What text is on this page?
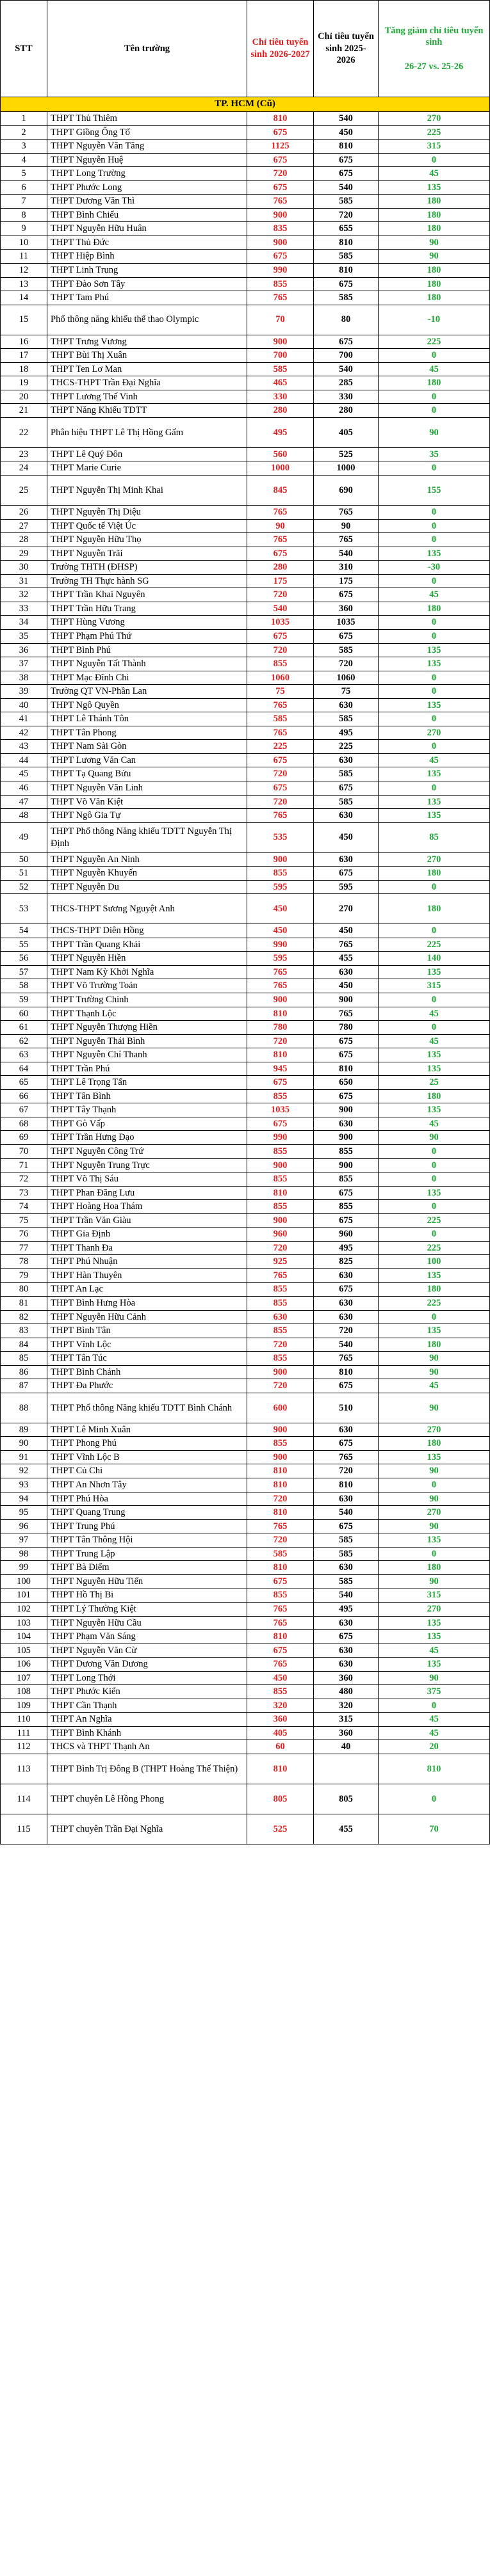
STT	Tên trường	Chỉ tiêu tuyển sinh 2026-2027	Chỉ tiêu tuyển sinh 2025-2026	Tăng giảm chỉ tiêu tuyển sinh

26-27 vs. 25-26

TP. HCM (Cũ)				
1	THPT Thủ Thiêm	810	540	270
2	THPT Giồng Ông Tố	675	450	225
3	THPT Nguyễn Văn Tăng	1125	810	315
4	THPT Nguyễn Huệ	675	675	0
5	THPT Long Trường	720	675	45
6	THPT Phước Long	675	540	135
7	THPT Dương Văn Thì	765	585	180
8	THPT Bình Chiểu	900	720	180
9	THPT Nguyễn Hữu Huân	835	655	180
10	THPT Thủ Đức	900	810	90
11	THPT Hiệp Bình	675	585	90
12	THPT Linh Trung	990	810	180
13	THPT Đào Sơn Tây	855	675	180
14	THPT Tam Phú	765	585	180
15	Phổ thông năng khiếu thể thao Olympic	70	80	-10
16	THPT Trưng Vương	900	675	225
17	THPT Bùi Thị Xuân	700	700	0
18	THPT Ten Lơ Man	585	540	45
19	THCS-THPT Trần Đại Nghĩa	465	285	180
20	THPT Lương Thế Vinh	330	330	0
21	THPT Năng Khiếu TDTT	280	280	0
22	Phân hiệu THPT Lê Thị Hồng Gấm	495	405	90
23	THPT Lê Quý Đôn	560	525	35
24	THPT Marie Curie	1000	1000	0
25	THPT Nguyễn Thị Minh Khai	845	690	155
26	THPT Nguyễn Thị Diệu	765	765	0
27	THPT Quốc tế Việt Úc	90	90	0
28	THPT Nguyễn Hữu Thọ	765	765	0
29	THPT Nguyễn Trãi	675	540	135
30	Trường THTH (ĐHSP)	280	310	-30
31	Trường TH Thực hành SG	175	175	0
32	THPT Trần Khai Nguyên	720	675	45
33	THPT Trần Hữu Trang	540	360	180
34	THPT Hùng Vương	1035	1035	0
35	THPT Phạm Phú Thứ	675	675	0
36	THPT Bình Phú	720	585	135
37	THPT Nguyễn Tất Thành	855	720	135
38	THPT Mạc Đĩnh Chi	1060	1060	0
39	Trường QT VN-Phần Lan	75	75	0
40	THPT Ngô Quyền	765	630	135
41	THPT Lê Thánh Tôn	585	585	0
42	THPT Tân Phong	765	495	270
43	THPT Nam Sài Gòn	225	225	0
44	THPT Lương Văn Can	675	630	45
45	THPT Tạ Quang Bửu	720	585	135
46	THPT Nguyễn Văn Linh	675	675	0
47	THPT Võ Văn Kiệt	720	585	135
48	THPT Ngô Gia Tự	765	630	135
49	THPT Phổ thông Năng khiếu TDTT Nguyễn Thị Định	535	450	85
50	THPT Nguyễn An Ninh	900	630	270
51	THPT Nguyễn Khuyến	855	675	180
52	THPT Nguyễn Du	595	595	0
53	THCS-THPT Sương Nguyệt Anh	450	270	180
54	THCS-THPT Diên Hồng	450	450	0
55	THPT Trần Quang Khải	990	765	225
56	THPT Nguyễn Hiền	595	455	140
57	THPT Nam Kỳ Khởi Nghĩa	765	630	135
58	THPT Võ Trường Toản	765	450	315
59	THPT Trường Chinh	900	900	0
60	THPT Thạnh Lộc	810	765	45
61	THPT Nguyễn Thượng Hiền	780	780	0
62	THPT Nguyễn Thái Bình	720	675	45
63	THPT Nguyễn Chí Thanh	810	675	135
64	THPT Trần Phú	945	810	135
65	THPT Lê Trọng Tấn	675	650	25
66	THPT Tân Bình	855	675	180
67	THPT Tây Thạnh	1035	900	135
68	THPT Gò Vấp	675	630	45
69	THPT Trần Hưng Đạo	990	900	90
70	THPT Nguyễn Công Trứ	855	855	0
71	THPT Nguyễn Trung Trực	900	900	0
72	THPT Võ Thị Sáu	855	855	0
73	THPT Phan Đăng Lưu	810	675	135
74	THPT Hoàng Hoa Thám	855	855	0
75	THPT Trần Văn Giàu	900	675	225
76	THPT Gia Định	960	960	0
77	THPT Thanh Đa	720	495	225
78	THPT Phú Nhuận	925	825	100
79	THPT Hàn Thuyên	765	630	135
80	THPT An Lạc	855	675	180
81	THPT Bình Hưng Hòa	855	630	225
82	THPT Nguyễn Hữu Cảnh	630	630	0
83	THPT Bình Tân	855	720	135
84	THPT Vĩnh Lộc	720	540	180
85	THPT Tân Túc	855	765	90
86	THPT Bình Chánh	900	810	90
87	THPT Đa Phước	720	675	45
88	THPT Phổ thông Năng khiếu TDTT Bình Chánh	600	510	90
89	THPT Lê Minh Xuân	900	630	270
90	THPT Phong Phú	855	675	180
91	THPT Vĩnh Lộc B	900	765	135
92	THPT Củ Chi	810	720	90
93	THPT An Nhơn Tây	810	810	0
94	THPT Phú Hòa	720	630	90
95	THPT Quang Trung	810	540	270
96	THPT Trung Phú	765	675	90
97	THPT Tân Thông Hội	720	585	135
98	THPT Trung Lập	585	585	0
99	THPT Bà Điểm	810	630	180
100	THPT Nguyễn Hữu Tiến	675	585	90
101	THPT Hồ Thị Bi	855	540	315
102	THPT Lý Thường Kiệt	765	495	270
103	THPT Nguyễn Hữu Cầu	765	630	135
104	THPT Phạm Văn Sáng	810	675	135
105	THPT Nguyễn Văn Cừ	675	630	45
106	THPT Dương Văn Dương	765	630	135
107	THPT Long Thới	450	360	90
108	THPT Phước Kiển	855	480	375
109	THPT Cần Thạnh	320	320	0
110	THPT An Nghĩa	360	315	45
111	THPT Bình Khánh	405	360	45
112	THCS và THPT Thạnh An	60	40	20
113	THPT Bình Trị Đông B (THPT Hoàng Thế Thiện)	810		810
114	THPT chuyên Lê Hồng Phong	805	805	0
115	THPT chuyên Trần Đại Nghĩa	525	455	70
